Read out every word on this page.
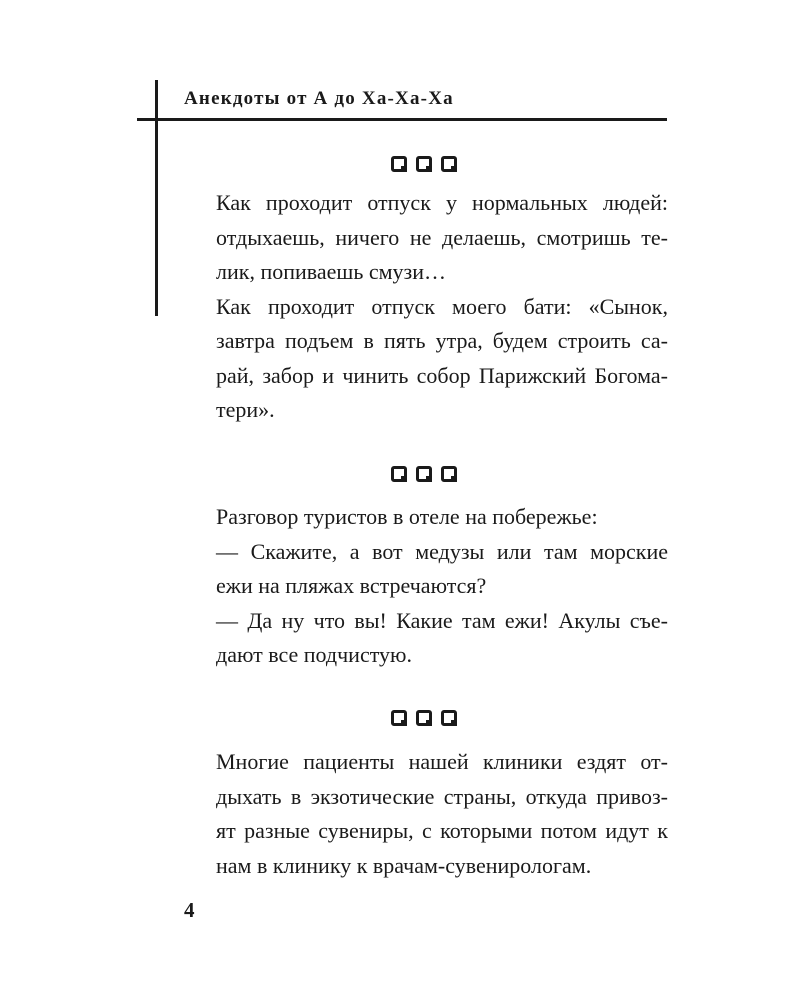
Анекдоты от А до Ха-Ха-Ха

Как проходит отпуск у нормальных людей:
отдыхаешь, ничего не делаешь, смотришь те-
лик, попиваешь смузи…

Как проходит отпуск моего бати: «Сынок,
завтра подъем в пять утра, будем строить са-
рай, забор и чинить собор Парижский Богома-
тери».

Разговор туристов в отеле на побережье:

— Скажите, а вот медузы или там морские
ежи на пляжах встречаются?

— Да ну что вы! Какие там ежи! Акулы съе-
дают все подчистую.

Многие пациенты нашей клиники ездят от-
дыхать в экзотические страны, откуда привоз-
ят разные сувениры, с которыми потом идут к
нам в клинику к врачам-сувенирологам.

4
